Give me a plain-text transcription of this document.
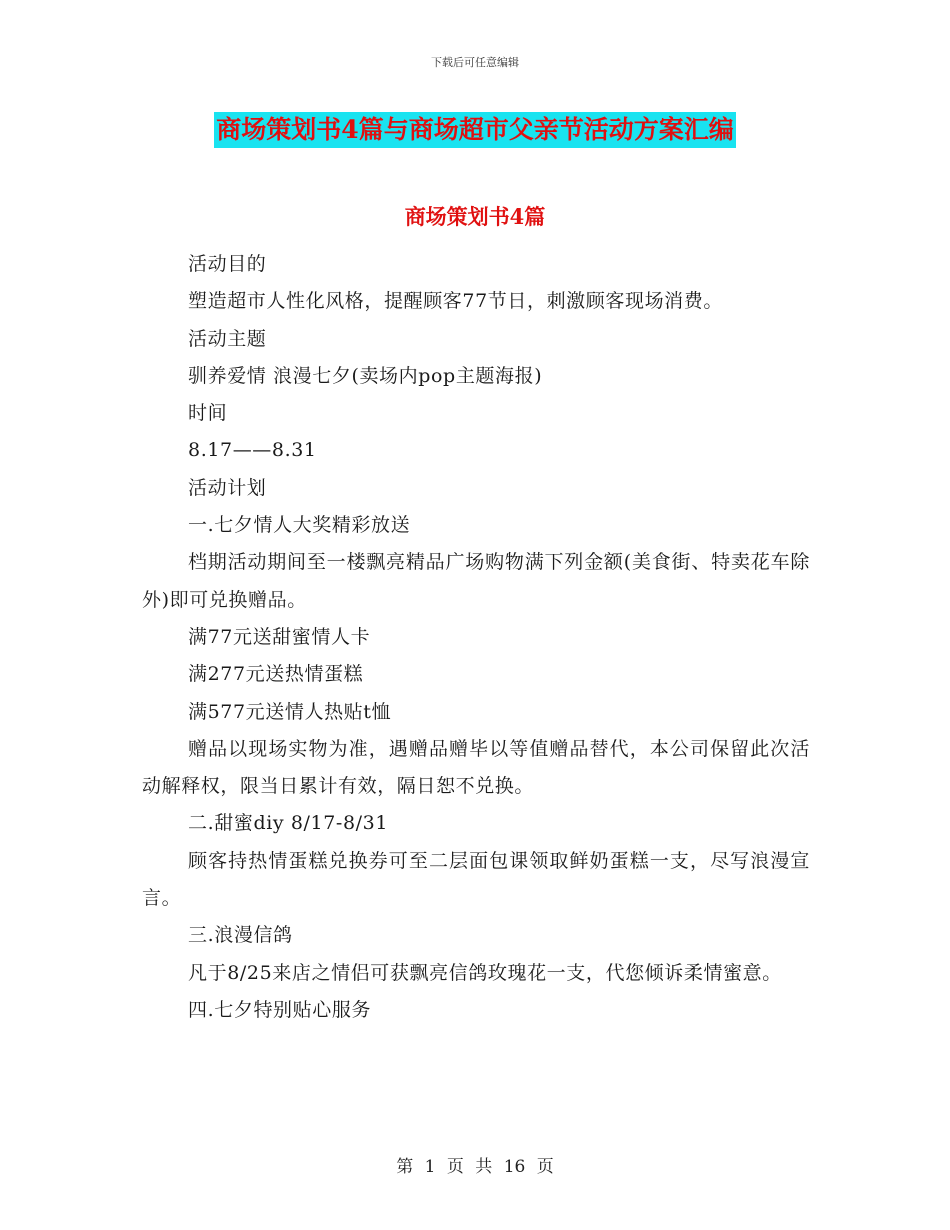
下载后可任意编辑
商场策划书4篇与商场超市父亲节活动方案汇编
商场策划书4篇

活动目的

塑造超市人性化风格，提醒顾客77节日，刺激顾客现场消费。

活动主题

驯养爱情 浪漫七夕(卖场内pop主题海报)

时间

8.17——8.31

活动计划

一.七夕情人大奖精彩放送

档期活动期间至一楼飘亮精品广场购物满下列金额(美食街、特卖花车除外)即可兑换赠品。

满77元送甜蜜情人卡

满277元送热情蛋糕

满577元送情人热贴t恤

赠品以现场实物为准，遇赠品赠毕以等值赠品替代，本公司保留此次活动解释权，限当日累计有效，隔日恕不兑换。

二.甜蜜diy 8/17-8/31

顾客持热情蛋糕兑换券可至二层面包课领取鲜奶蛋糕一支，尽写浪漫宣言。

三.浪漫信鸽

凡于8/25来店之情侣可获飘亮信鸽玫瑰花一支，代您倾诉柔情蜜意。

四.七夕特别贴心服务

第 1 页 共 16 页
